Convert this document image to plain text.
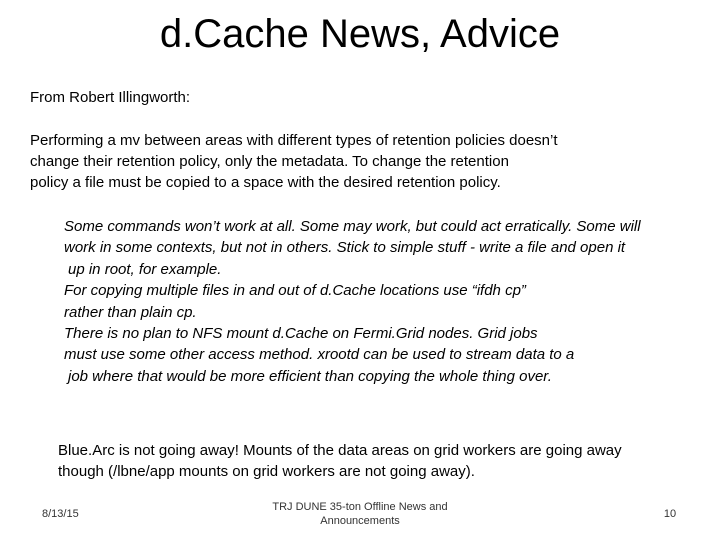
d.Cache News, Advice
From Robert Illingworth:
Performing a mv between areas with different types of retention policies doesn’t
change their retention policy, only the metadata. To change the retention
policy a file must be copied to a space with the desired retention policy.
Some commands won’t work at all. Some may work, but could act erratically. Some will
work in some contexts, but not in others. Stick to simple stuff - write a file and open it
up in root, for example.
For copying multiple files in and out of d.Cache locations use “ifdh cp”
rather than plain cp.
There is no plan to NFS mount d.Cache on Fermi.Grid nodes. Grid jobs
must use some other access method. xrootd can be used to stream data to a
job where that would be more efficient than copying the whole thing over.
Blue.Arc is not going away! Mounts of the data areas on grid workers are going away
though (/lbne/app mounts on grid workers are not going away).
8/13/15
TRJ DUNE 35-ton Offline News and
Announcements
10
